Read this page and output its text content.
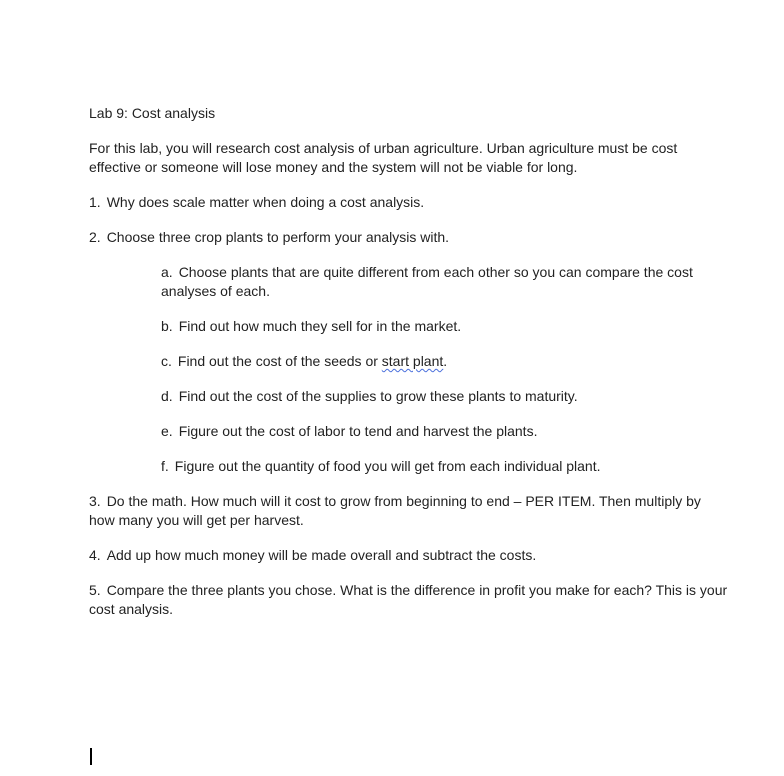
Lab 9: Cost analysis

For this lab, you will research cost analysis of urban agriculture. Urban agriculture must be cost effective or someone will lose money and the system will not be viable for long.

1. Why does scale matter when doing a cost analysis.

2. Choose three crop plants to perform your analysis with.

a. Choose plants that are quite different from each other so you can compare the cost analyses of each.

b. Find out how much they sell for in the market.

c. Find out the cost of the seeds or start plant.

d. Find out the cost of the supplies to grow these plants to maturity.

e. Figure out the cost of labor to tend and harvest the plants.

f. Figure out the quantity of food you will get from each individual plant.

3. Do the math. How much will it cost to grow from beginning to end – PER ITEM. Then multiply by how many you will get per harvest.

4. Add up how much money will be made overall and subtract the costs.

5. Compare the three plants you chose. What is the difference in profit you make for each? This is your cost analysis.
